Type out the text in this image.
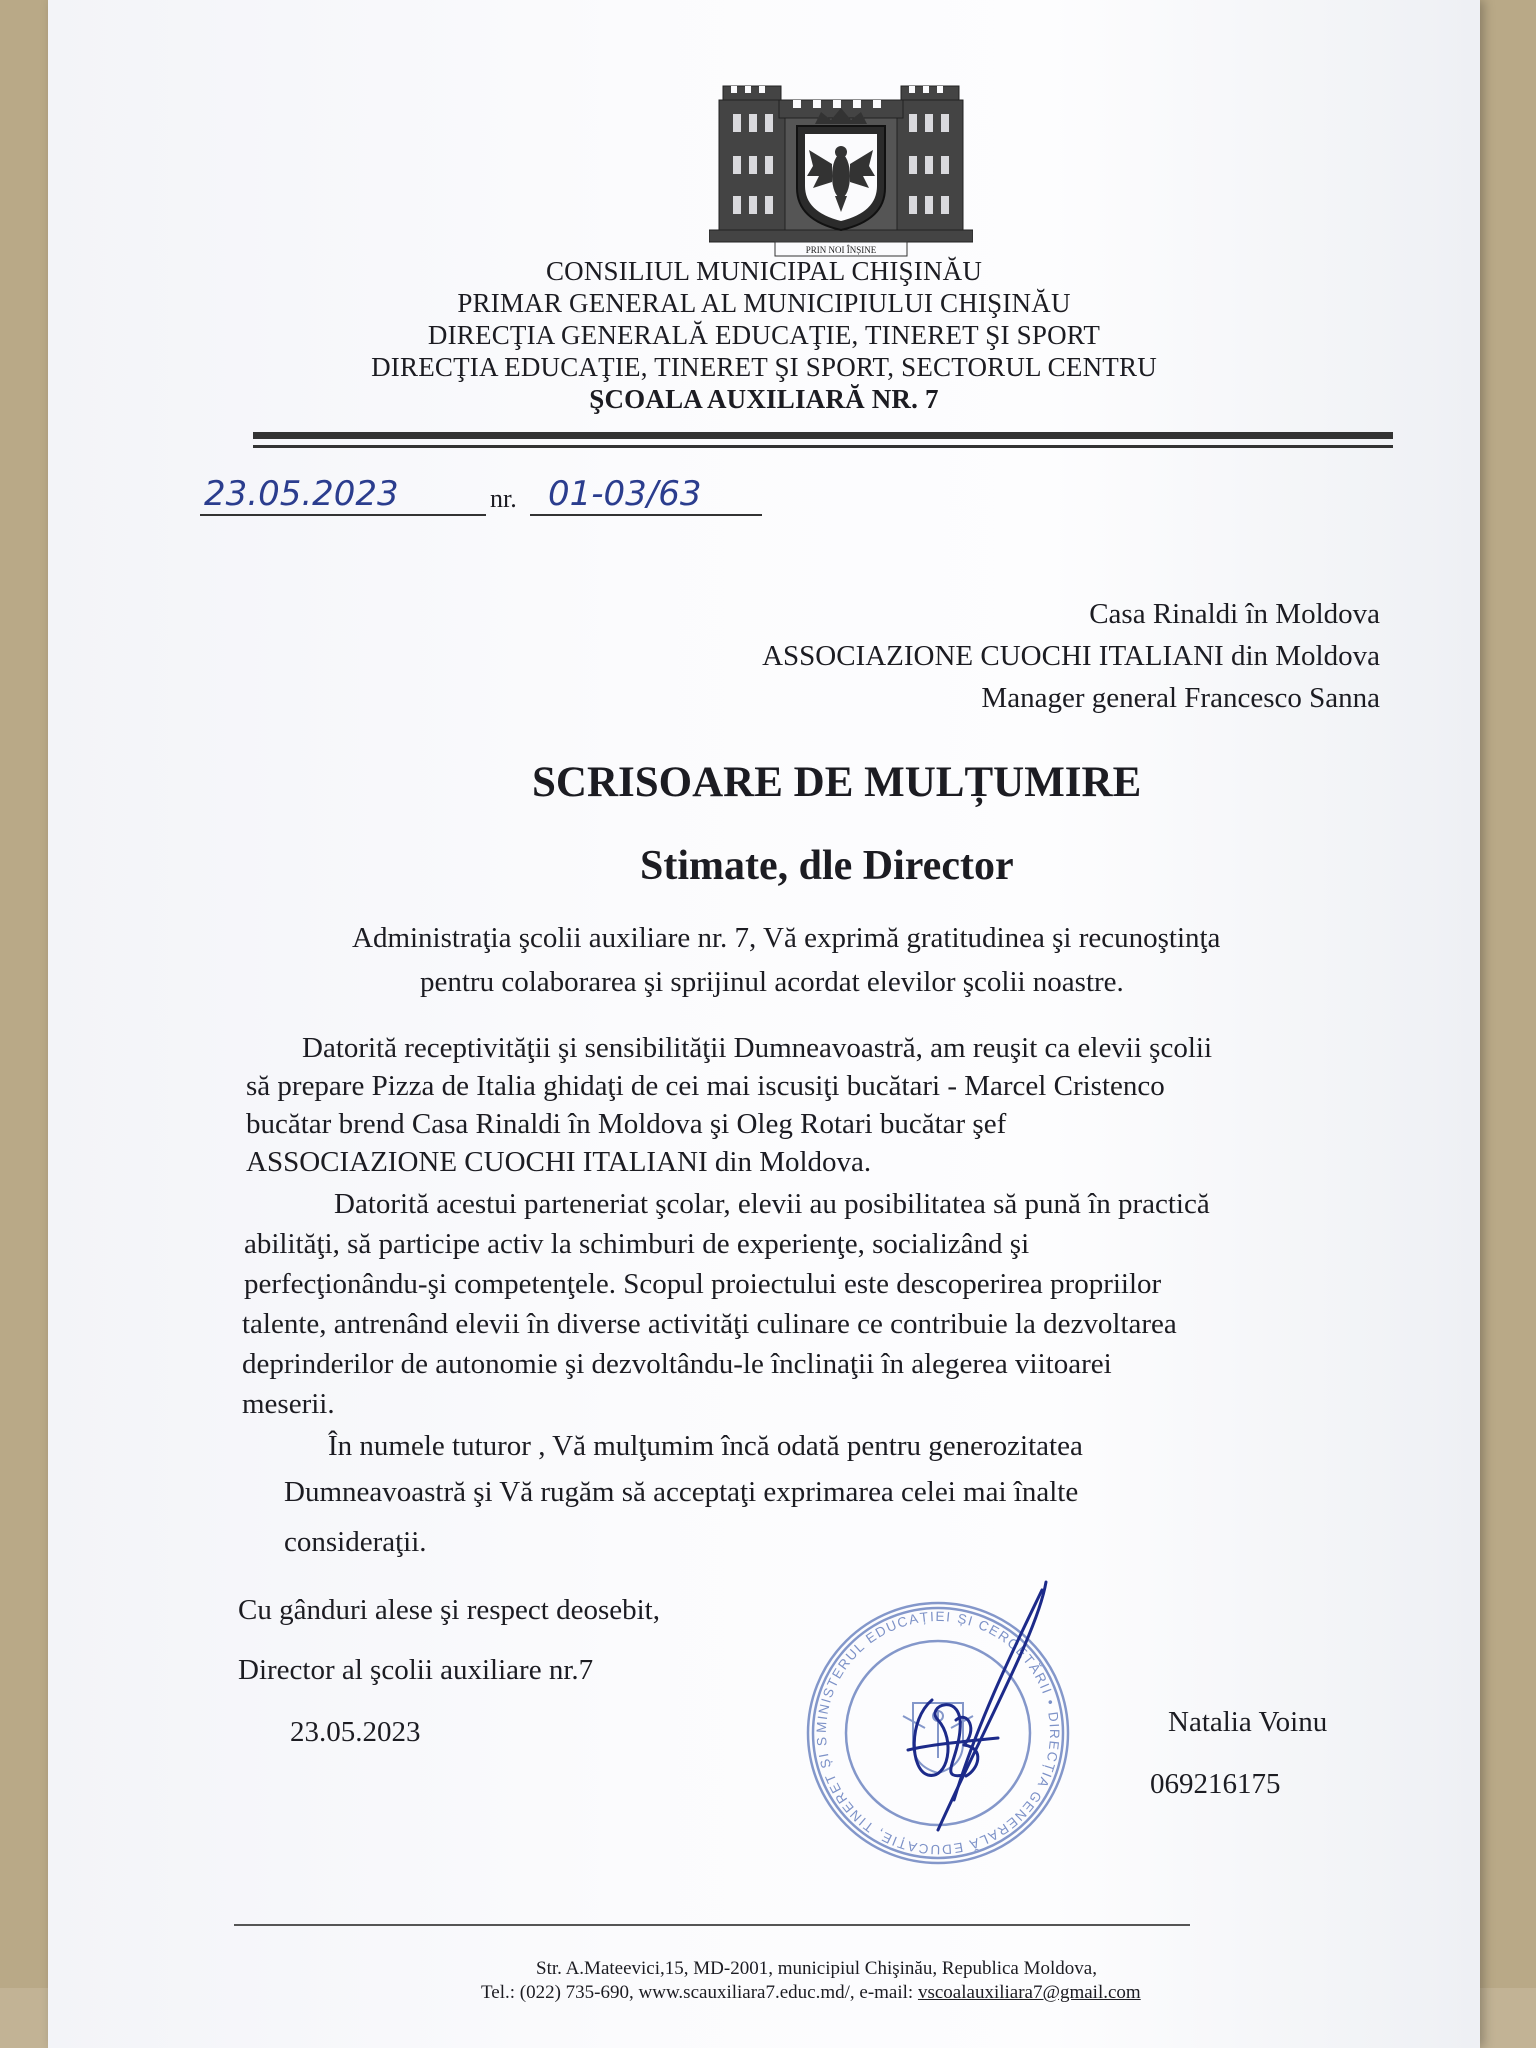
PRIN NOI ÎNȘINE
CONSILIUL MUNICIPAL CHIŞINĂU
PRIMAR GENERAL AL MUNICIPIULUI CHIŞINĂU
DIRECŢIA GENERALĂ EDUCAŢIE, TINERET ŞI SPORT
DIRECŢIA EDUCAŢIE, TINERET ŞI SPORT, SECTORUL CENTRU
ŞCOALA AUXILIARĂ NR. 7
23.05.2023	nr. 01-03/63
Casa Rinaldi în Moldova
ASSOCIAZIONE CUOCHI ITALIANI din Moldova
Manager general Francesco Sanna
SCRISOARE DE MULȚUMIRE
Stimate, dle Director
Administraţia şcolii auxiliare nr. 7, Vă exprimă gratitudinea şi recunoştinţa
pentru colaborarea şi sprijinul acordat elevilor şcolii noastre.
Datorită receptivităţii şi sensibilităţii Dumneavoastră, am reuşit ca elevii şcolii
să prepare Pizza de Italia ghidaţi de cei mai iscusiţi bucătari - Marcel Cristenco
bucătar brend Casa Rinaldi în Moldova şi Oleg Rotari bucătar şef
ASSOCIAZIONE CUOCHI ITALIANI din Moldova.
Datorită acestui parteneriat şcolar, elevii au posibilitatea să pună în practică
abilităţi, să participe activ la schimburi de experienţe, socializând şi
perfecţionându-şi competenţele. Scopul proiectului este descoperirea propriilor
talente, antrenând elevii în diverse activităţi culinare ce contribuie la dezvoltarea
deprinderilor de autonomie şi dezvoltându-le înclinaţii în alegerea viitoarei
meserii.
În numele tuturor , Vă mulţumim încă odată pentru generozitatea
Dumneavoastră şi Vă rugăm să acceptaţi exprimarea celei mai înalte
consideraţii.
Cu gânduri alese şi respect deosebit,
Director al şcolii auxiliare nr.7
23.05.2023	Natalia Voinu
069216175
MINISTERUL EDUCAȚIEI ȘI CERCETĂRII • DIRECȚIA GENERALĂ EDUCAȚIE, TINERET ȘI S
Str. A.Mateevici,15, MD-2001, municipiul Chişinău, Republica Moldova,
Tel.: (022) 735-690, www.scauxiliara7.educ.md/, e-mail: vscoalauxiliara7@gmail.com
